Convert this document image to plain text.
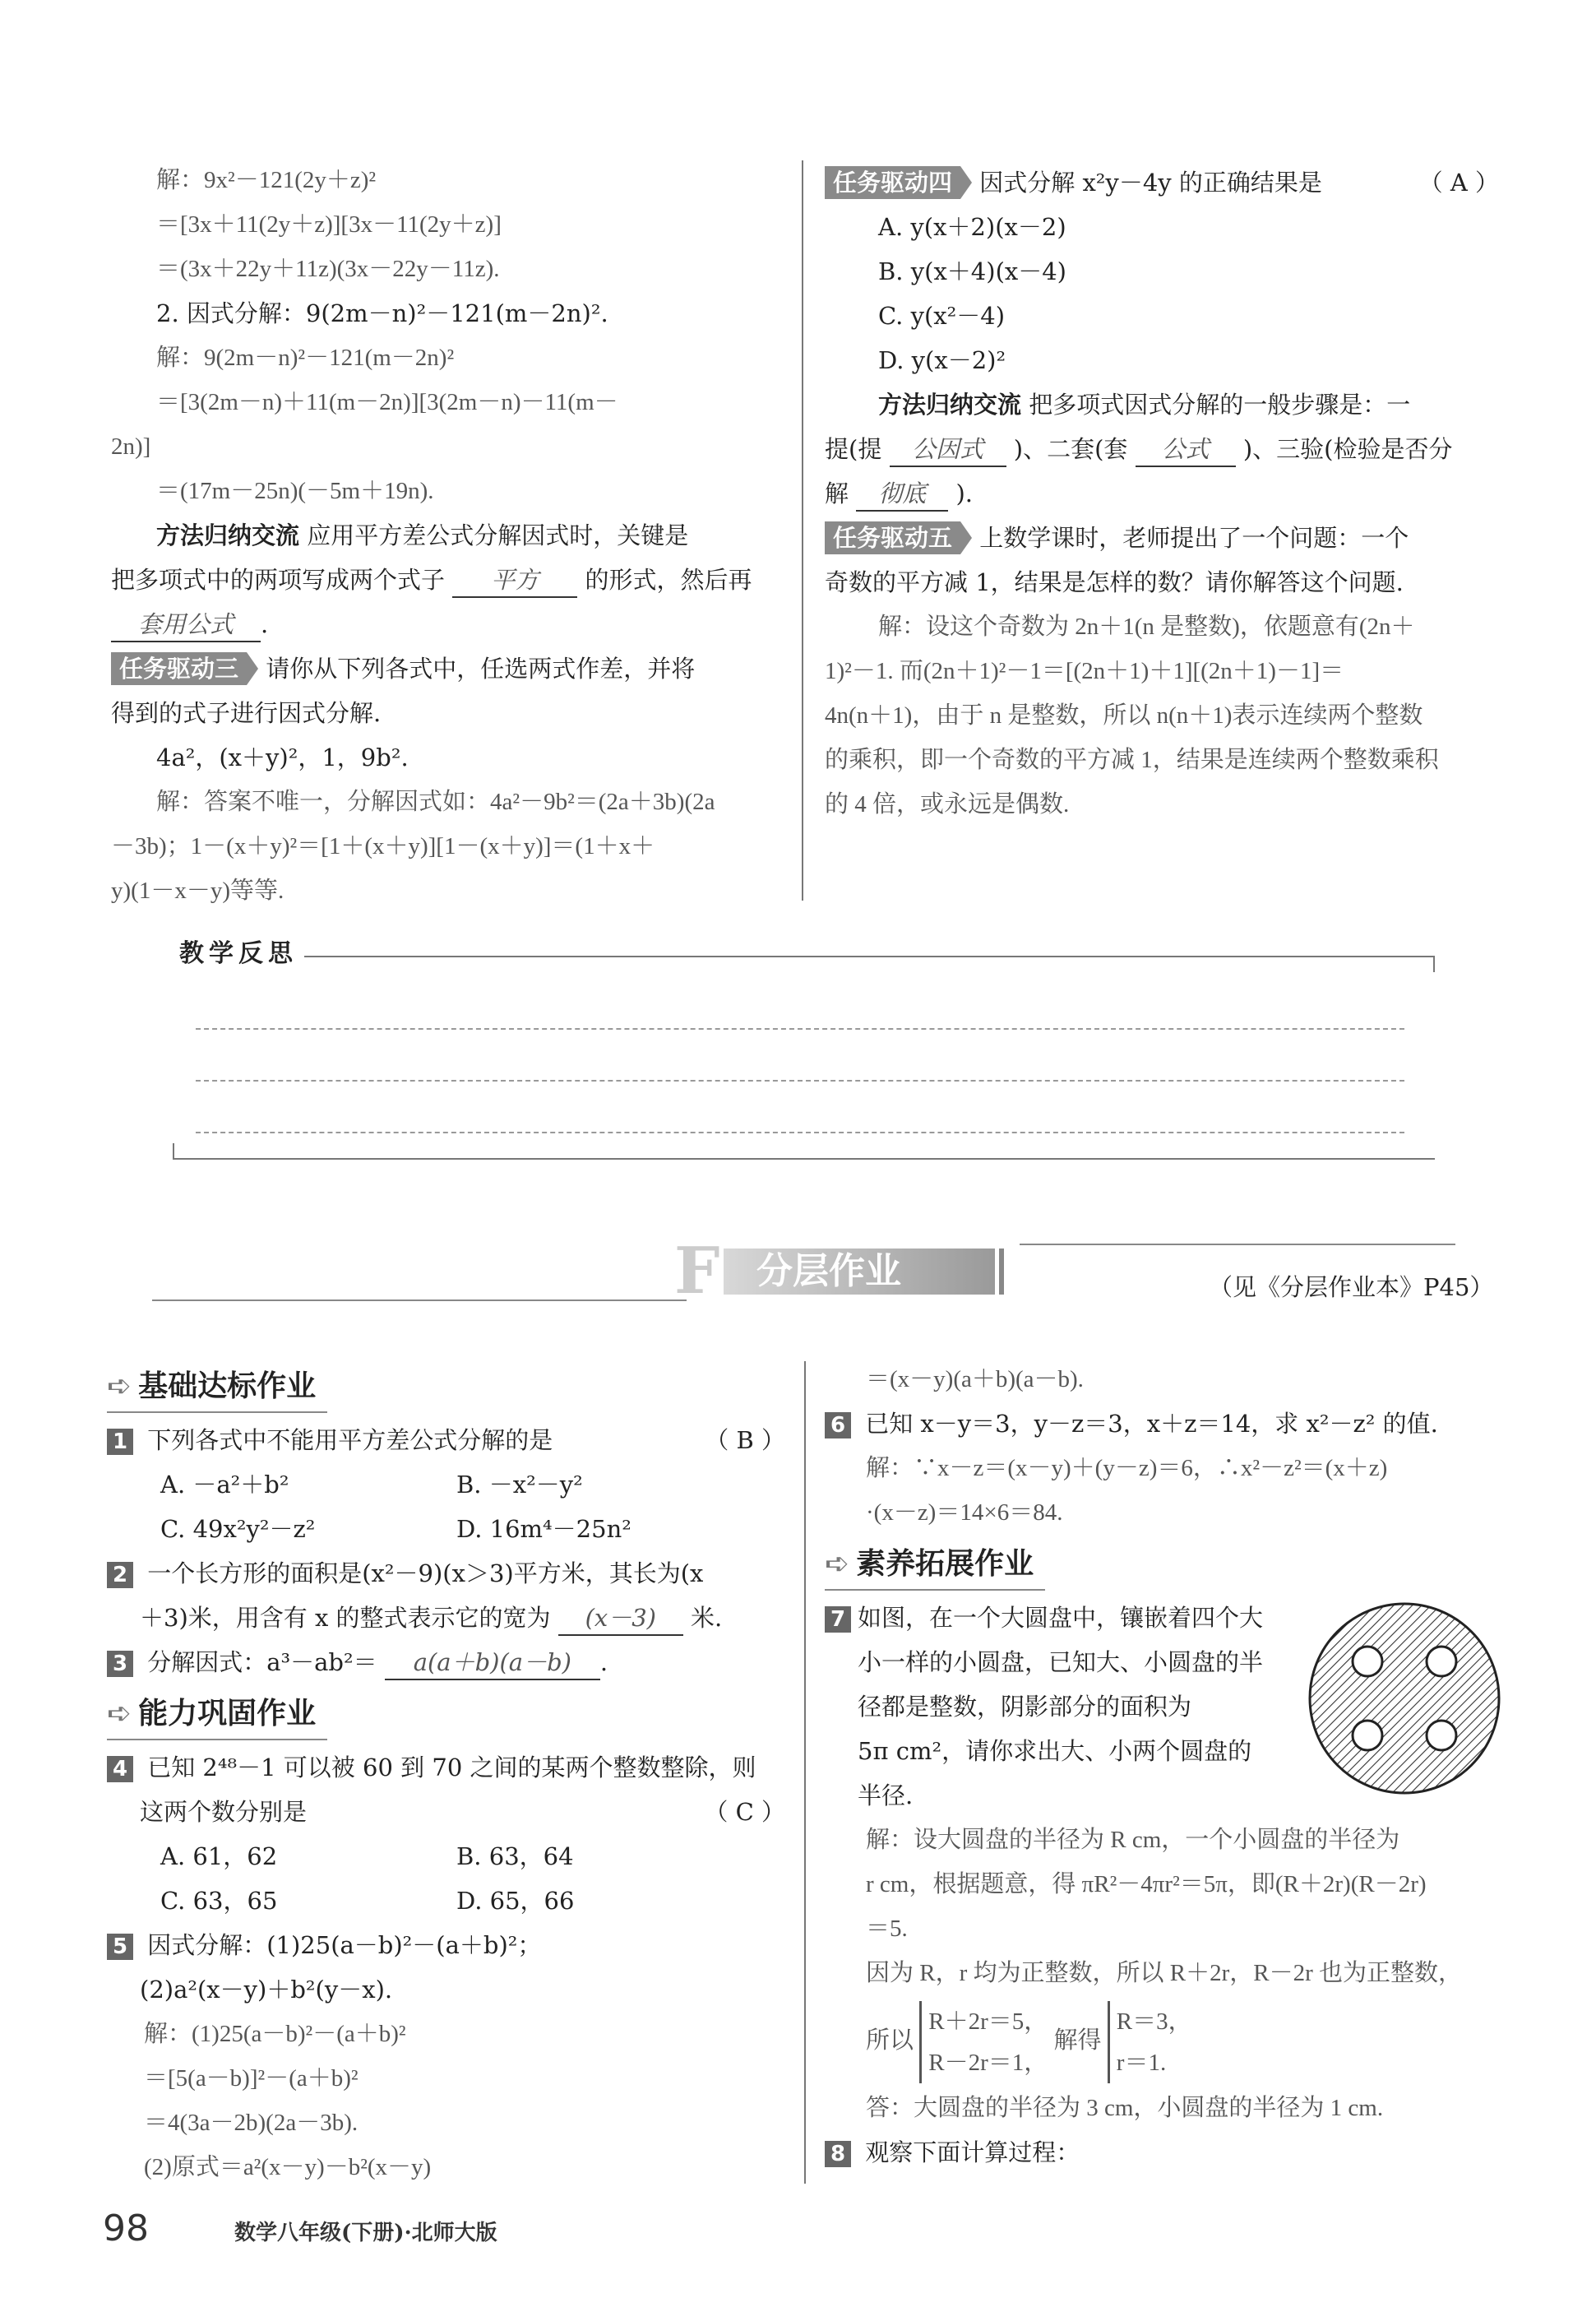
解：9x²－121(2y＋z)²
＝[3x＋11(2y＋z)][3x－11(2y＋z)]
＝(3x＋22y＋11z)(3x－22y－11z).
2. 因式分解：9(2m－n)²－121(m－2n)².
解：9(2m－n)²－121(m－2n)²
＝[3(2m－n)＋11(m－2n)][3(2m－n)－11(m－
2n)]
＝(17m－25n)(－5m＋19n).
方法归纳交流 应用平方差公式分解因式时，关键是
把多项式中的两项写成两个式子 平方 的形式，然后再
套用公式 .
任务驱动三 请你从下列各式中，任选两式作差，并将
得到的式子进行因式分解.
4a²，(x＋y)²，1，9b².
解：答案不唯一，分解因式如：4a²－9b²＝(2a＋3b)(2a
－3b)；1－(x＋y)²＝[1＋(x＋y)][1－(x＋y)]＝(1＋x＋
y)(1－x－y)等等.
任务驱动四 因式分解 x²y－4y 的正确结果是	（ A ）
A. y(x＋2)(x－2)
B. y(x＋4)(x－4)
C. y(x²－4)
D. y(x－2)²
方法归纳交流 把多项式因式分解的一般步骤是：一
提(提 公因式 )、二套(套 公式 )、三验(检验是否分
解 彻底 ).
任务驱动五 上数学课时，老师提出了一个问题：一个
奇数的平方减 1，结果是怎样的数？请你解答这个问题.
解：设这个奇数为 2n＋1(n 是整数)，依题意有(2n＋
1)²－1. 而(2n＋1)²－1＝[(2n＋1)＋1][(2n＋1)－1]＝
4n(n＋1)，由于 n 是整数，所以 n(n＋1)表示连续两个整数
的乘积，即一个奇数的平方减 1，结果是连续两个整数乘积
的 4 倍，或永远是偶数.
教学反思
F	分层作业	（见《分层作业本》P45）
➪ 基础达标作业
1 下列各式中不能用平方差公式分解的是	（ B ）
A. －a²＋b²	B. －x²－y²
C. 49x²y²－z²	D. 16m⁴－25n²
2 一个长方形的面积是(x²－9)(x＞3)平方米，其长为(x
＋3)米，用含有 x 的整式表示它的宽为 (x－3) 米.
3 分解因式：a³－ab²＝ a(a＋b)(a－b) .
➪ 能力巩固作业
4 已知 2⁴⁸－1 可以被 60 到 70 之间的某两个整数整除，则
这两个数分别是	（ C ）
A. 61，62	B. 63，64
C. 63，65	D. 65，66
5 因式分解：(1)25(a－b)²－(a＋b)²；
(2)a²(x－y)＋b²(y－x).
解：(1)25(a－b)²－(a＋b)²
＝[5(a－b)]²－(a＋b)²
＝4(3a－2b)(2a－3b).
(2)原式＝a²(x－y)－b²(x－y)
＝(x－y)(a＋b)(a－b).
6 已知 x－y＝3，y－z＝3，x＋z＝14，求 x²－z² 的值.
解：∵x－z＝(x－y)＋(y－z)＝6，∴x²－z²＝(x＋z)
·(x－z)＝14×6＝84.
➪ 素养拓展作业
7 如图，在一个大圆盘中，镶嵌着四个大
小一样的小圆盘，已知大、小圆盘的半
径都是整数，阴影部分的面积为
5π cm²，请你求出大、小两个圆盘的
半径.
解：设大圆盘的半径为 R cm，一个小圆盘的半径为
r cm，根据题意，得 πR²－4πr²＝5π，即(R＋2r)(R－2r)
＝5.
因为 R，r 均为正整数，所以 R＋2r，R－2r 也为正整数，
所以 R＋2r＝5，
R－2r＝1， 解得 R＝3，
r＝1.
答：大圆盘的半径为 3 cm，小圆盘的半径为 1 cm.
8 观察下面计算过程：
98	数学八年级(下册)·北师大版
